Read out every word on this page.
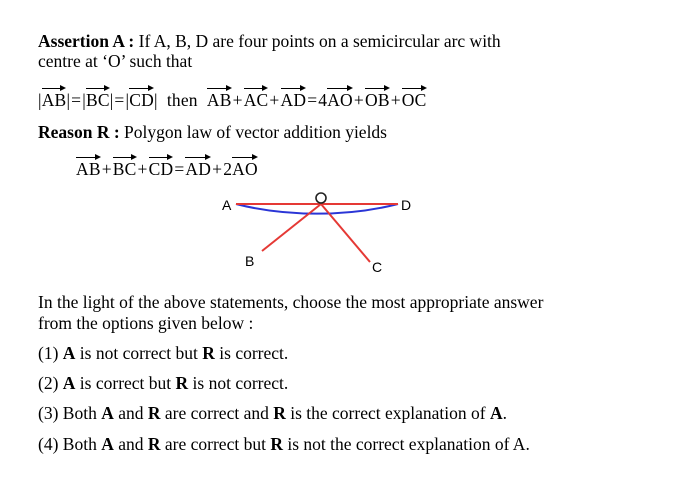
Assertion A : If A, B, D are four points on a semicircular arc with
centre at ‘O’ such that
|AB|=|BC|=|CD| then AB+AC+AD=4AO+OB+OC
Reason R : Polygon law of vector addition yields
AB+BC+CD=AD+2AO
A	D
B	C
In the light of the above statements, choose the most appropriate answer
from the options given below :
(1) A is not correct but R is correct.
(2) A is correct but R is not correct.
(3) Both A and R are correct and R is the correct explanation of A.
(4) Both A and R are correct but R is not the correct explanation of A.
